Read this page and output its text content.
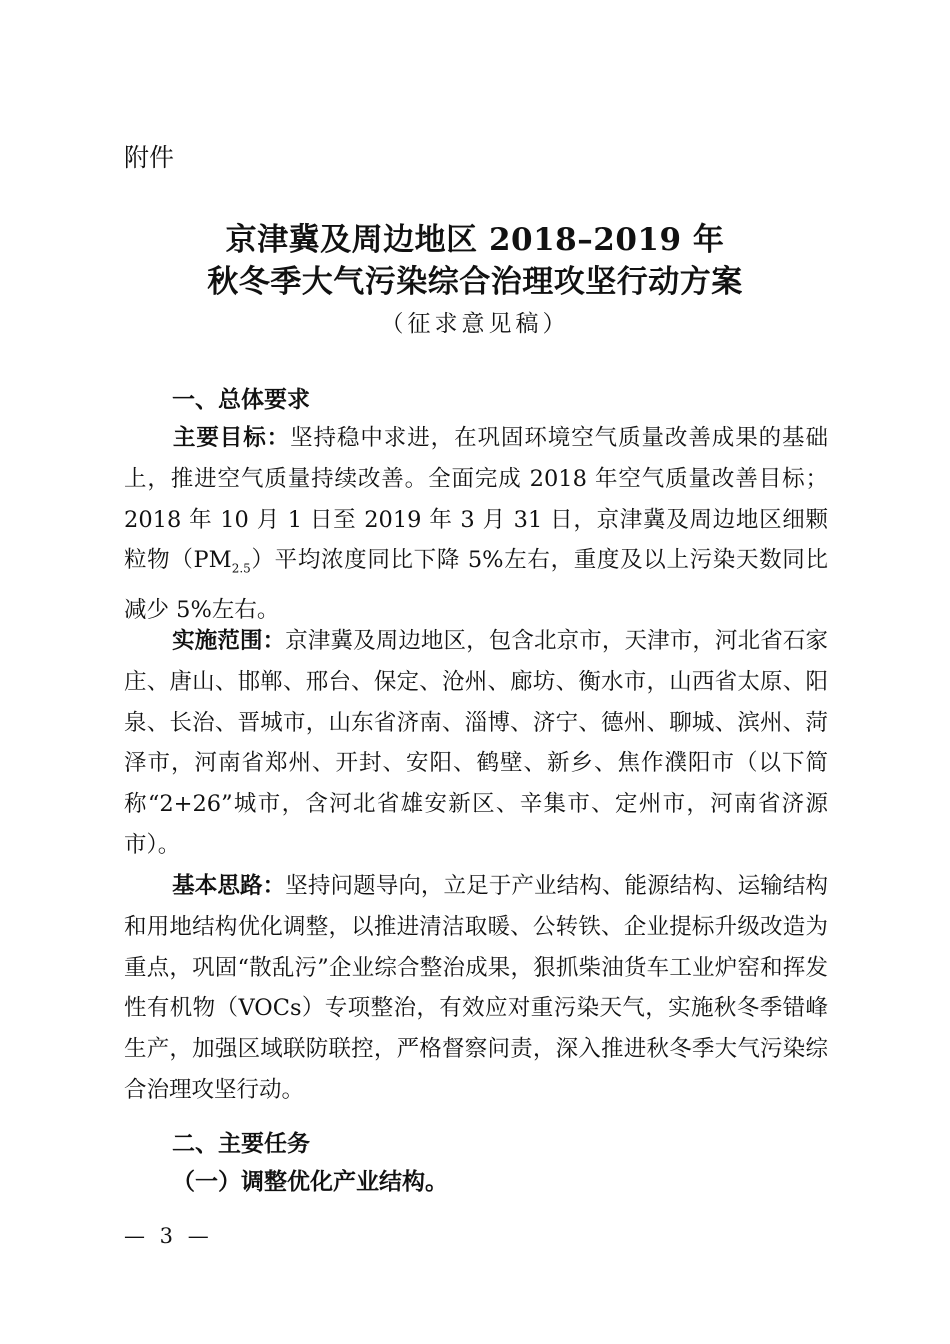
附件
京津冀及周边地区 2018–2019 年
秋冬季大气污染综合治理攻坚行动方案
（征求意见稿）
一、总体要求

主要目标：坚持稳中求进，在巩固环境空气质量改善成果的基础上，推进空气质量持续改善。全面完成 2018 年空气质量改善目标；2018 年 10 月 1 日至 2019 年 3 月 31 日，京津冀及周边地区细颗粒物$(PM_{2.5})$平均浓度同比下降 5%左右，重度及以上污染天数同比减少 5%左右。

实施范围：京津冀及周边地区，包含北京市，天津市，河北省石家庄、唐山、邯郸、邢台、保定、沧州、廊坊、衡水市，山西省太原、阳泉、长治、晋城市，山东省济南、淄博、济宁、德州、聊城、滨州、菏泽市，河南省郑州、开封、安阳、鹤壁、新乡、焦作濮阳市（以下简称“2+26”城市，含河北省雄安新区、辛集市、定州市，河南省济源市）。

基本思路：坚持问题导向，立足于产业结构、能源结构、运输结构和用地结构优化调整，以推进清洁取暖、公转铁、企业提标升级改造为重点，巩固“散乱污”企业综合整治成果，狠抓柴油货车工业炉窑和挥发性有机物（VOCs）专项整治，有效应对重污染天气，实施秋冬季错峰生产，加强区域联防联控，严格督察问责，深入推进秋冬季大气污染综合治理攻坚行动。

二、主要任务
（一）调整优化产业结构。
— 3 —
